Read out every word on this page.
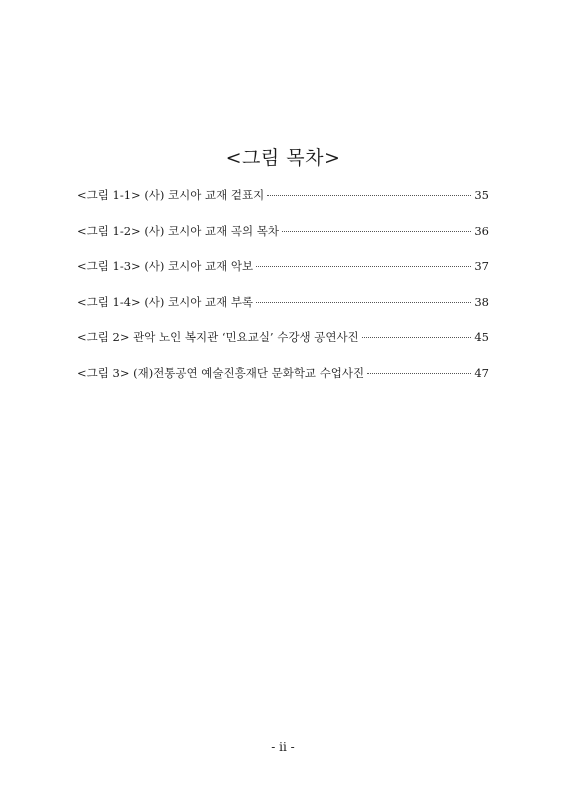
<그림 목차>
<그림 1-1> (사) 코시아 교재 겉표지	35
<그림 1-2> (사) 코시아 교재 곡의 목차	36
<그림 1-3> (사) 코시아 교재 악보	37
<그림 1-4> (사) 코시아 교재 부록	38
<그림 2> 관악 노인 복지관 ‘민요교실’ 수강생 공연사진	45
<그림 3> (재)전통공연 예술진흥재단 문화학교 수업사진	47
- ii -
